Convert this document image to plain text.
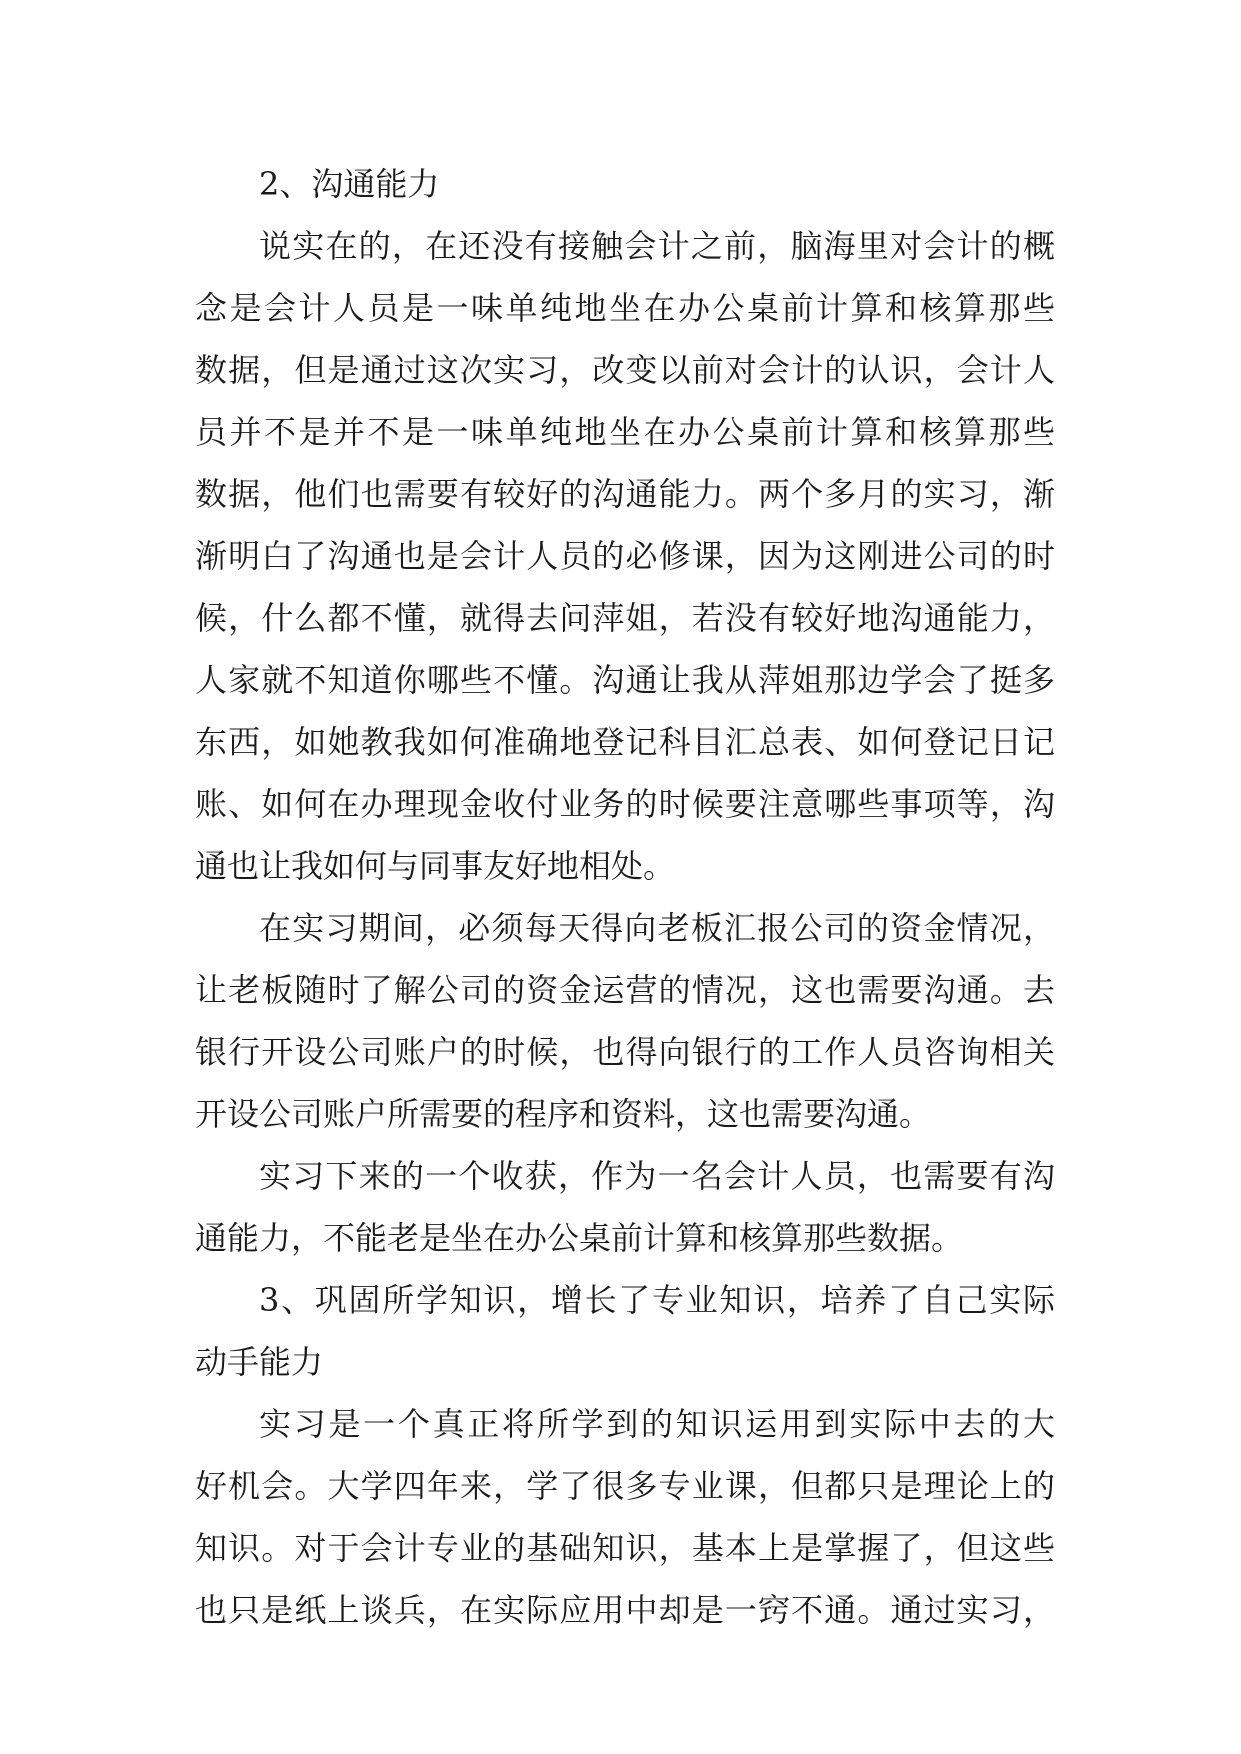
2、沟通能力
说实在的，在还没有接触会计之前，脑海里对会计的概
念是会计人员是一味单纯地坐在办公桌前计算和核算那些
数据，但是通过这次实习，改变以前对会计的认识，会计人
员并不是并不是一味单纯地坐在办公桌前计算和核算那些
数据，他们也需要有较好的沟通能力。两个多月的实习，渐
渐明白了沟通也是会计人员的必修课，因为这刚进公司的时
候，什么都不懂，就得去问萍姐，若没有较好地沟通能力，
人家就不知道你哪些不懂。沟通让我从萍姐那边学会了挺多
东西，如她教我如何准确地登记科目汇总表、如何登记日记
账、如何在办理现金收付业务的时候要注意哪些事项等，沟
通也让我如何与同事友好地相处。
在实习期间，必须每天得向老板汇报公司的资金情况，
让老板随时了解公司的资金运营的情况，这也需要沟通。去
银行开设公司账户的时候，也得向银行的工作人员咨询相关
开设公司账户所需要的程序和资料，这也需要沟通。
实习下来的一个收获，作为一名会计人员，也需要有沟
通能力，不能老是坐在办公桌前计算和核算那些数据。
3、巩固所学知识，增长了专业知识，培养了自己实际
动手能力
实习是一个真正将所学到的知识运用到实际中去的大
好机会。大学四年来，学了很多专业课，但都只是理论上的
知识。对于会计专业的基础知识，基本上是掌握了，但这些
也只是纸上谈兵，在实际应用中却是一窍不通。通过实习，
